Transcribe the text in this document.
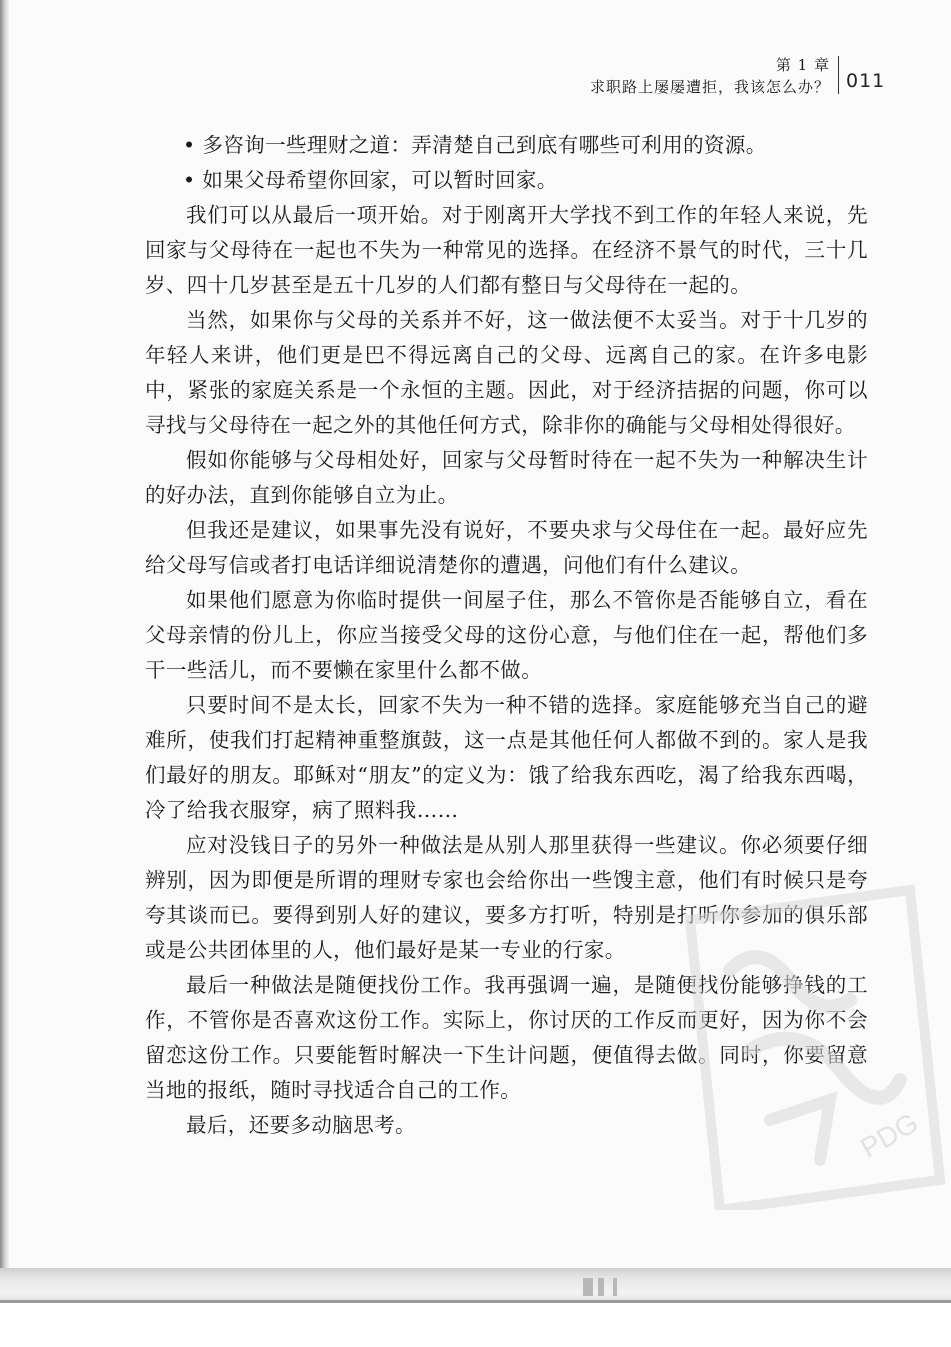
第 1 章
求职路上屡屡遭拒，我该怎么办？ 011

• 多咨询一些理财之道：弄清楚自己到底有哪些可利用的资源。

• 如果父母希望你回家，可以暂时回家。

我们可以从最后一项开始。对于刚离开大学找不到工作的年轻人来说，先回家与父母待在一起也不失为一种常见的选择。在经济不景气的时代，三十几岁、四十几岁甚至是五十几岁的人们都有整日与父母待在一起的。

当然，如果你与父母的关系并不好，这一做法便不太妥当。对于十几岁的年轻人来讲，他们更是巴不得远离自己的父母、远离自己的家。在许多电影中，紧张的家庭关系是一个永恒的主题。因此，对于经济拮据的问题，你可以寻找与父母待在一起之外的其他任何方式，除非你的确能与父母相处得很好。

假如你能够与父母相处好，回家与父母暂时待在一起不失为一种解决生计的好办法，直到你能够自立为止。

但我还是建议，如果事先没有说好，不要央求与父母住在一起。最好应先给父母写信或者打电话详细说清楚你的遭遇，问他们有什么建议。

如果他们愿意为你临时提供一间屋子住，那么不管你是否能够自立，看在父母亲情的份儿上，你应当接受父母的这份心意，与他们住在一起，帮他们多干一些活儿，而不要懒在家里什么都不做。

只要时间不是太长，回家不失为一种不错的选择。家庭能够充当自己的避难所，使我们打起精神重整旗鼓，这一点是其他任何人都做不到的。家人是我们最好的朋友。耶稣对“朋友”的定义为：饿了给我东西吃，渴了给我东西喝，冷了给我衣服穿，病了照料我……

应对没钱日子的另外一种做法是从别人那里获得一些建议。你必须要仔细辨别，因为即便是所谓的理财专家也会给你出一些馊主意，他们有时候只是夸夸其谈而已。要得到别人好的建议，要多方打听，特别是打听你参加的俱乐部或是公共团体里的人，他们最好是某一专业的行家。

最后一种做法是随便找份工作。我再强调一遍，是随便找份能够挣钱的工作，不管你是否喜欢这份工作。实际上，你讨厌的工作反而更好，因为你不会留恋这份工作。只要能暂时解决一下生计问题，便值得去做。同时，你要留意当地的报纸，随时寻找适合自己的工作。

最后，还要多动脑思考。	PDG
